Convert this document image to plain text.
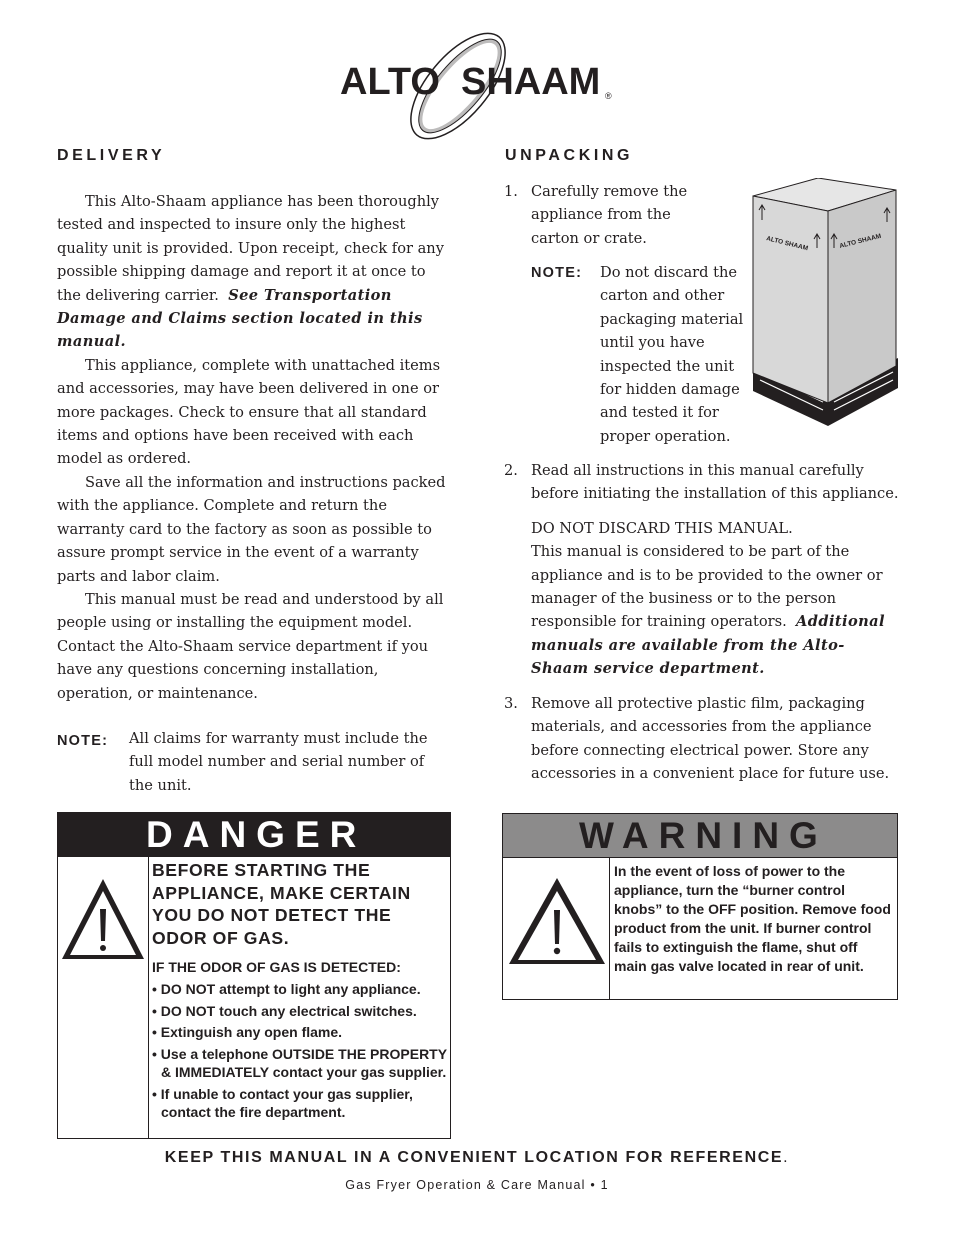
ALTO SHAAM ®
DELIVERY

This Alto-Shaam appliance has been thoroughly tested and inspected to insure only the highest quality unit is provided. Upon receipt, check for any possible shipping damage and report it at once to the delivering carrier. See Transportation Damage and Claims section located in this manual.

This appliance, complete with unattached items and accessories, may have been delivered in one or more packages. Check to ensure that all standard items and options have been received with each model as ordered.

Save all the information and instructions packed with the appliance. Complete and return the warranty card to the factory as soon as possible to assure prompt service in the event of a warranty parts and labor claim.

This manual must be read and understood by all people using or installing the equipment model. Contact the Alto-Shaam service department if you have any questions concerning installation, operation, or maintenance.

NOTE: All claims for warranty must include the full model number and serial number of the unit.

UNPACKING
1. Carefully remove the appliance from the carton or crate.
NOTE: Do not discard the carton and other packaging material until you have inspected the unit for hidden damage and tested it for proper operation.
ALTO SHAAM	ALTO SHAAM
2. Read all instructions in this manual carefully before initiating the installation of this appliance.

DO NOT DISCARD THIS MANUAL.

This manual is considered to be part of the appliance and is to be provided to the owner or manager of the business or to the person responsible for training operators. Additional manuals are available from the Alto-Shaam service department.

3. Remove all protective plastic film, packaging materials, and accessories from the appliance before connecting electrical power. Store any accessories in a convenient place for future use.
DANGER
BEFORE STARTING THE APPLIANCE, MAKE CERTAIN YOU DO NOT DETECT THE ODOR OF GAS.
IF THE ODOR OF GAS IS DETECTED:
• DO NOT attempt to light any appliance.
• DO NOT touch any electrical switches.
• Extinguish any open flame.
• Use a telephone OUTSIDE THE PROPERTY & IMMEDIATELY contact your gas supplier.
• If unable to contact your gas supplier, contact the fire department.
WARNING
In the event of loss of power to the appliance, turn the “burner control knobs” to the OFF position. Remove food product from the unit. If burner control fails to extinguish the flame, shut off main gas valve located in rear of unit.
KEEP THIS MANUAL IN A CONVENIENT LOCATION FOR REFERENCE.
Gas Fryer Operation & Care Manual • 1
